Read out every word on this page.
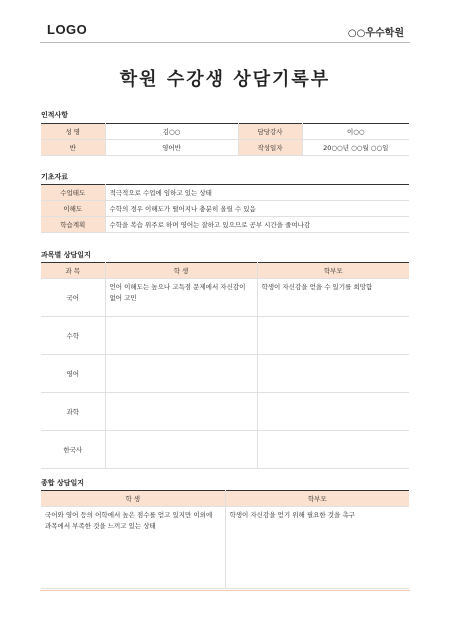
LOGO	○○우수학원
학원 수강생 상담기록부
인적사항
성 명	김○○	담당강사	이○○
반	영어반	작성일자	20○○년 ○○월 ○○일
기초자료
수업태도	적극적으로 수업에 임하고 있는 상태
이해도	수학의 경우 이해도가 떨어지나 충분히 올릴 수 있음
학습계획	수학을 복습 위주로 하며 영어는 잘하고 있으므로 공부 시간을 줄여나감
과목별 상담일지
과 목	학 생	학부모
국어	언어 이해도는 높으나 고득점 문제에서 자신감이 없어 고민	학생이 자신감을 얻을 수 있기를 희망함
수학		
영어		
과학		
한국사		
종합 상담일지
학 생	학부모
국어와 영어 등의 어학에서 높은 점수를 얻고 있지만 이외에 과목에서 부족한 것을 느끼고 있는 상태	학생이 자신감을 얻기 위해 필요한 것을 촉구
